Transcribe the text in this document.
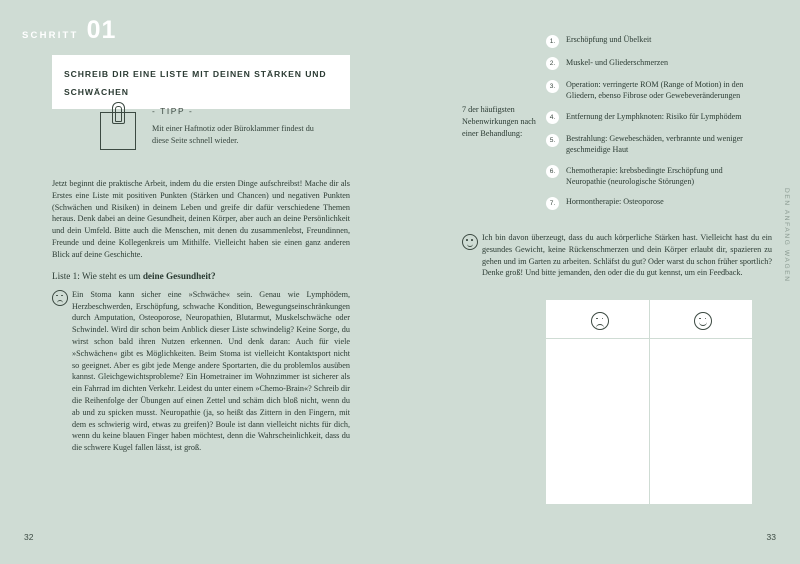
SCHRITT 01
SCHREIB DIR EINE LISTE MIT DEINEN STÄRKEN UND SCHWÄCHEN
- TIPP -
Mit einer Haftnotiz oder Büroklammer findest du diese Seite schnell wieder.

Jetzt beginnt die praktische Arbeit, indem du die ersten Dinge aufschreibst! Mache dir als Erstes eine Liste mit positiven Punkten (Stärken und Chancen) und negativen Punkten (Schwächen und Risiken) in deinem Leben und greife dir dafür verschiedene Themen heraus. Denk dabei an deine Gesundheit, deinen Körper, aber auch an deine Persönlichkeit und dein Umfeld. Bitte auch die Menschen, mit denen du zusammenlebst, Freundinnen, Freunde und deine Kollegenkreis um Mithilfe. Vielleicht haben sie einen ganz anderen Blick auf deine Geschichte.

Liste 1: Wie steht es um deine Gesundheit?
Ein Stoma kann sicher eine »Schwäche« sein. Genau wie Lymphödem, Herzbeschwerden, Erschöpfung, schwache Kondition, Bewegungseinschränkungen durch Amputation, Osteoporose, Neuropathien, Blutarmut, Muskelschwäche oder Schwindel. Wird dir schon beim Anblick dieser Liste schwindelig? Keine Sorge, du wirst schon bald ihren Nutzen erkennen. Und denk daran: Auch für viele »Schwächen« gibt es Möglichkeiten. Beim Stoma ist vielleicht Kontaktsport nicht so geeignet. Aber es gibt jede Menge andere Sportarten, die du problemlos ausüben kannst. Gleichgewichtsprobleme? Ein Hometrainer im Wohnzimmer ist sicherer als ein Fahrrad im dichten Verkehr. Leidest du unter einem »Chemo-Brain«? Schreib dir die Reihenfolge der Übungen auf einen Zettel und schäm dich bloß nicht, wenn du ab und zu spicken musst. Neuropathie (ja, so heißt das Zittern in den Fingern, mit dem es schwierig wird, etwas zu greifen)? Boule ist dann vielleicht nichts für dich, wenn du keine blauen Finger haben möchtest, denn die Wahrscheinlichkeit, dass du die schwere Kugel fallen lässt, ist groß.
32
7 der häufigsten Nebenwirkungen nach einer Behandlung:
1.	Erschöpfung und Übelkeit
2.	Muskel- und Gliederschmerzen
3.	Operation: verringerte ROM (Range of Motion) in den Gliedern, ebenso Fibrose oder Gewebeveränderungen
4.	Entfernung der Lymphknoten: Risiko für Lymphödem
5.	Bestrahlung: Gewebeschäden, verbrannte und weniger geschmeidige Haut
6.	Chemotherapie: krebsbedingte Erschöpfung und Neuropathie (neurologische Störungen)
7.	Hormontherapie: Osteoporose
Ich bin davon überzeugt, dass du auch körperliche Stärken hast. Vielleicht hast du ein gesundes Gewicht, keine Rückenschmerzen und dein Körper erlaubt dir, spazieren zu gehen und im Garten zu arbeiten. Schläfst du gut? Oder warst du schon früher sportlich? Denke groß! Und bitte jemanden, den oder die du gut kennst, um ein Feedback.	DEN ANFANG WAGEN
33
